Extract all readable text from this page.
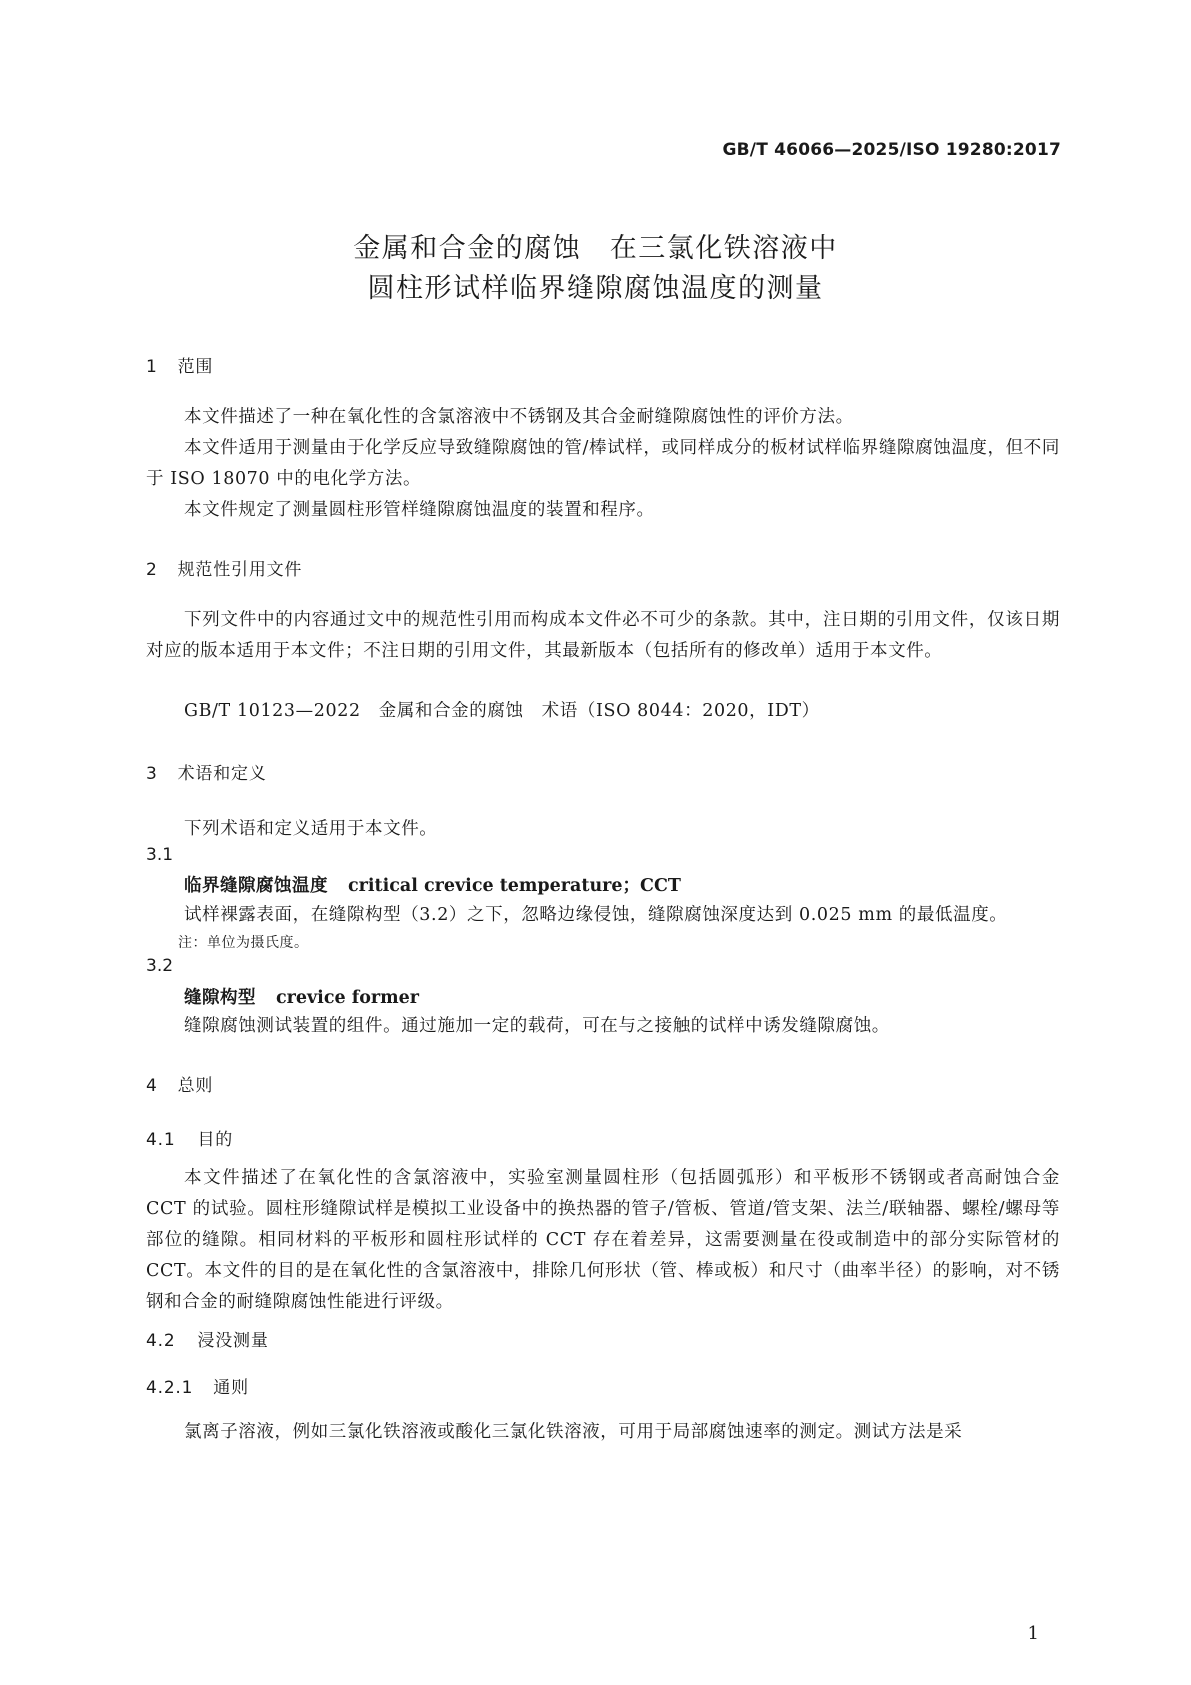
GB/T 46066—2025/ISO 19280:2017
金属和合金的腐蚀　在三氯化铁溶液中
圆柱形试样临界缝隙腐蚀温度的测量
1 范围
本文件描述了一种在氧化性的含氯溶液中不锈钢及其合金耐缝隙腐蚀性的评价方法。
本文件适用于测量由于化学反应导致缝隙腐蚀的管/棒试样，或同样成分的板材试样临界缝隙腐蚀温度，但不同于 ISO 18070 中的电化学方法。
本文件规定了测量圆柱形管样缝隙腐蚀温度的装置和程序。
2 规范性引用文件
下列文件中的内容通过文中的规范性引用而构成本文件必不可少的条款。其中，注日期的引用文件，仅该日期对应的版本适用于本文件；不注日期的引用文件，其最新版本（包括所有的修改单）适用于本文件。
GB/T 10123—2022　金属和合金的腐蚀　术语（ISO 8044：2020，IDT）
3 术语和定义
下列术语和定义适用于本文件。
3.1
临界缝隙腐蚀温度 critical crevice temperature；CCT
试样裸露表面，在缝隙构型（3.2）之下，忽略边缘侵蚀，缝隙腐蚀深度达到 0.025 mm 的最低温度。
注：单位为摄氏度。
3.2
缝隙构型 crevice former
缝隙腐蚀测试装置的组件。通过施加一定的载荷，可在与之接触的试样中诱发缝隙腐蚀。
4 总则
4.1 目的
本文件描述了在氧化性的含氯溶液中，实验室测量圆柱形（包括圆弧形）和平板形不锈钢或者高耐蚀合金 CCT 的试验。圆柱形缝隙试样是模拟工业设备中的换热器的管子/管板、管道/管支架、法兰/联轴器、螺栓/螺母等部位的缝隙。相同材料的平板形和圆柱形试样的 CCT 存在着差异，这需要测量在役或制造中的部分实际管材的 CCT。本文件的目的是在氧化性的含氯溶液中，排除几何形状（管、棒或板）和尺寸（曲率半径）的影响，对不锈钢和合金的耐缝隙腐蚀性能进行评级。
4.2 浸没测量
4.2.1 通则
氯离子溶液，例如三氯化铁溶液或酸化三氯化铁溶液，可用于局部腐蚀速率的测定。测试方法是采
1
